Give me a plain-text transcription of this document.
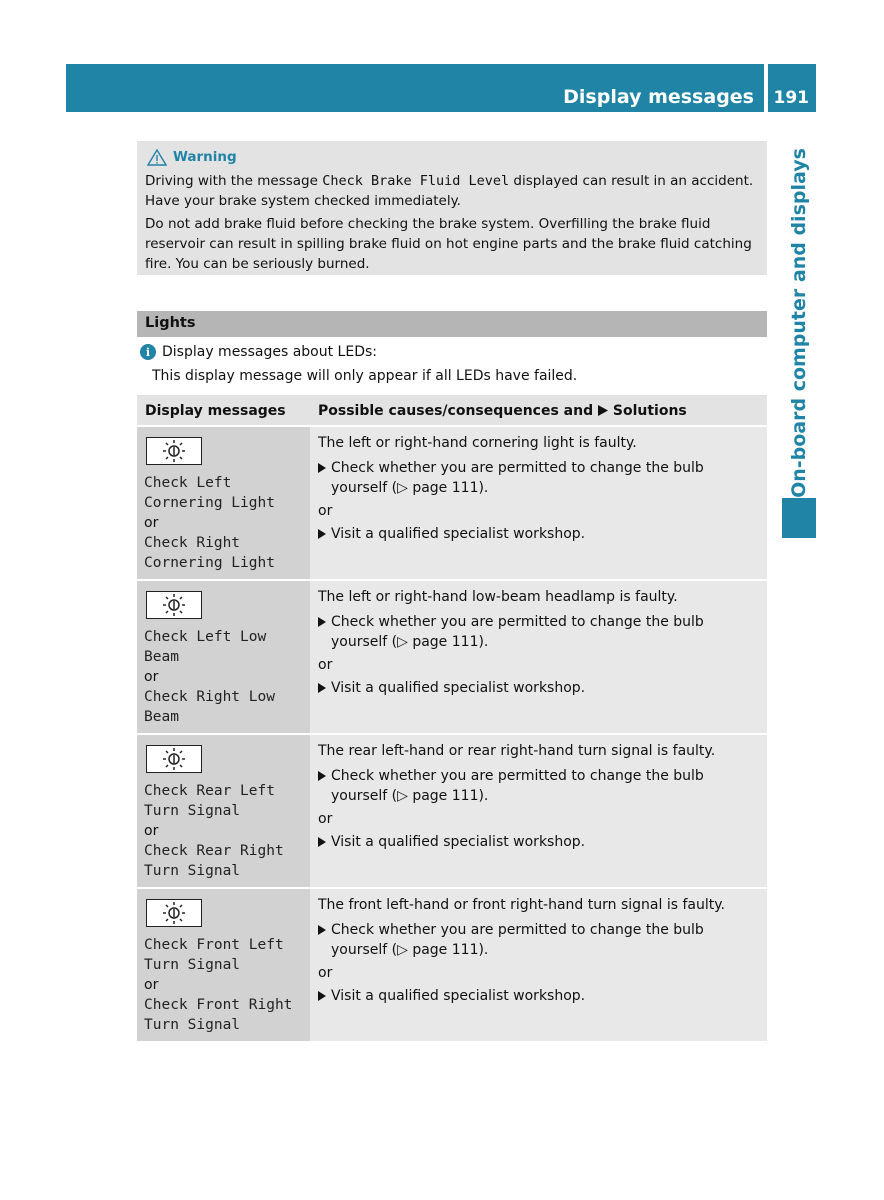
Display messages 191
On-board computer and displays
Warning

Driving with the message Check Brake Fluid Level displayed can result in an accident. Have your brake system checked immediately.

Do not add brake fluid before checking the brake system. Overfilling the brake fluid reservoir can result in spilling brake fluid on hot engine parts and the brake fluid catching fire. You can be seriously burned.

Lights
i Display messages about LEDs:
This display message will only appear if all LEDs have failed.
Display messages	Possible causes/consequences and  Solutions
Check Left
Cornering Light
or
Check Right
Cornering Light

The left or right-hand cornering light is faulty.

Check whether you are permitted to change the bulb yourself (▷ page 111).
or
Visit a qualified specialist workshop.
Check Left Low Beam
or
Check Right Low
Beam

The left or right-hand low-beam headlamp is faulty.

Check whether you are permitted to change the bulb yourself (▷ page 111).
or
Visit a qualified specialist workshop.
Check Rear Left
Turn Signal
or
Check Rear Right
Turn Signal

The rear left-hand or rear right-hand turn signal is faulty.

Check whether you are permitted to change the bulb yourself (▷ page 111).
or
Visit a qualified specialist workshop.
Check Front Left
Turn Signal
or
Check Front Right
Turn Signal

The front left-hand or front right-hand turn signal is faulty.

Check whether you are permitted to change the bulb yourself (▷ page 111).
or
Visit a qualified specialist workshop.
